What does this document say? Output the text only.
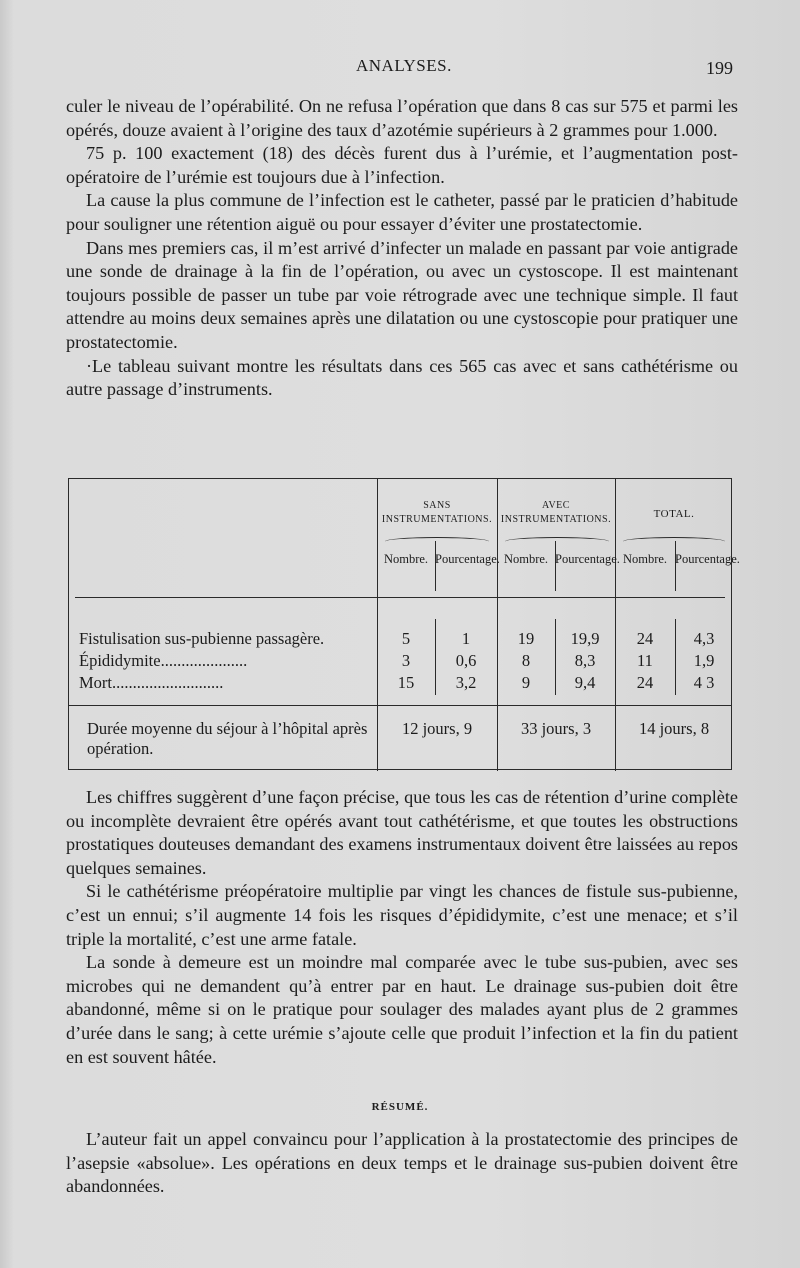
ANALYSES.	199

culer le niveau de l’opérabilité. On ne refusa l’opération que dans 8 cas sur 575 et parmi les opérés, douze avaient à l’origine des taux d’azotémie supérieurs à 2 grammes pour 1.000.

75 p. 100 exactement (18) des décès furent dus à l’urémie, et l’augmentation post-opératoire de l’urémie est toujours due à l’infection.

La cause la plus commune de l’infection est le catheter, passé par le praticien d’habitude pour souligner une rétention aiguë ou pour essayer d’éviter une prostatectomie.

Dans mes premiers cas, il m’est arrivé d’infecter un malade en passant par voie antigrade une sonde de drainage à la fin de l’opération, ou avec un cystoscope. Il est maintenant toujours possible de passer un tube par voie rétrograde avec une technique simple. Il faut attendre au moins deux semaines après une dilatation ou une cystoscopie pour pratiquer une prostatectomie.

·Le tableau suivant montre les résultats dans ces 565 cas avec et sans cathétérisme ou autre passage d’instruments.

SANS INSTRUMENTATIONS.
AVEC INSTRUMENTATIONS.	TOTAL.
Nombre. Pourcentage. Nombre. Pourcentage. Nombre. Pourcentage.
Fistulisation sus-pubienne passagère.	5	1	19	19,9	24	4,3
Épididymite.....................	3	0,6	8	8,3	11	1,9
Mort...........................	15	3,2	9	9,4	24	4 3
Durée moyenne du séjour à l’hôpital après opération.
12 jours, 9	33 jours, 3	14 jours, 8

Les chiffres suggèrent d’une façon précise, que tous les cas de rétention d’urine complète ou incomplète devraient être opérés avant tout cathétérisme, et que toutes les obstructions prostatiques douteuses demandant des examens instrumentaux doivent être laissées au repos quelques semaines.

Si le cathétérisme préopératoire multiplie par vingt les chances de fistule sus-pubienne, c’est un ennui; s’il augmente 14 fois les risques d’épididymite, c’est une menace; et s’il triple la mortalité, c’est une arme fatale.

La sonde à demeure est un moindre mal comparée avec le tube sus-pubien, avec ses microbes qui ne demandent qu’à entrer par en haut. Le drainage sus-pubien doit être abandonné, même si on le pratique pour soulager des malades ayant plus de 2 grammes d’urée dans le sang; à cette urémie s’ajoute celle que produit l’infection et la fin du patient en est souvent hâtée.

RÉSUMÉ.

L’auteur fait un appel convaincu pour l’application à la prostatectomie des principes de l’asepsie «absolue». Les opérations en deux temps et le drainage sus-pubien doivent être abandonnées.
